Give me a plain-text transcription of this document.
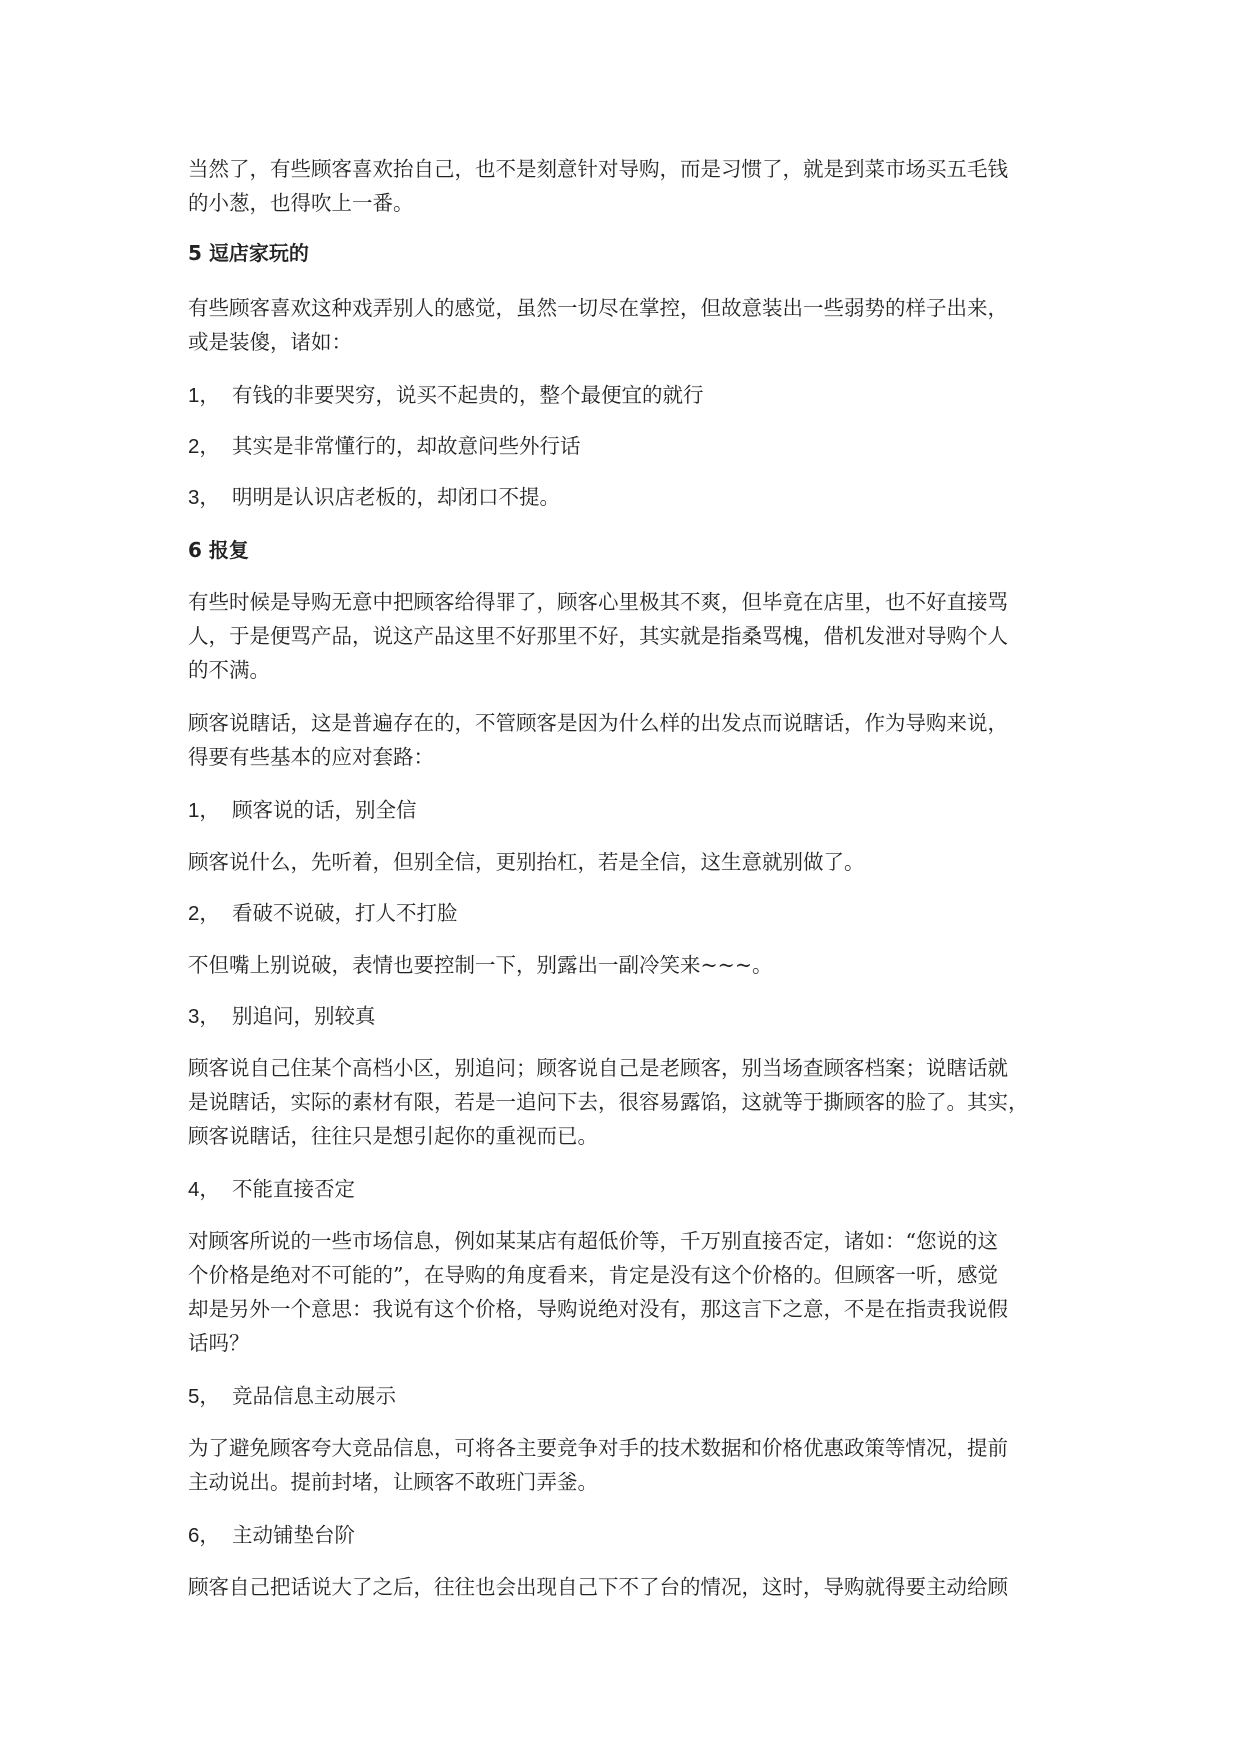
当然了，有些顾客喜欢抬自己，也不是刻意针对导购，而是习惯了，就是到菜市场买五毛钱
的小葱，也得吹上一番。
5 逗店家玩的
有些顾客喜欢这种戏弄别人的感觉，虽然一切尽在掌控，但故意装出一些弱势的样子出来，
或是装傻，诸如：
1， 有钱的非要哭穷，说买不起贵的，整个最便宜的就行
2， 其实是非常懂行的，却故意问些外行话
3， 明明是认识店老板的，却闭口不提。
6 报复
有些时候是导购无意中把顾客给得罪了，顾客心里极其不爽，但毕竟在店里，也不好直接骂
人，于是便骂产品，说这产品这里不好那里不好，其实就是指桑骂槐，借机发泄对导购个人
的不满。
顾客说瞎话，这是普遍存在的，不管顾客是因为什么样的出发点而说瞎话，作为导购来说，
得要有些基本的应对套路：
1， 顾客说的话，别全信
顾客说什么，先听着，但别全信，更别抬杠，若是全信，这生意就别做了。
2， 看破不说破，打人不打脸
不但嘴上别说破，表情也要控制一下，别露出一副冷笑来~~~。
3， 别追问，别较真
顾客说自己住某个高档小区，别追问；顾客说自己是老顾客，别当场查顾客档案；说瞎话就
是说瞎话，实际的素材有限，若是一追问下去，很容易露馅，这就等于撕顾客的脸了。其实，
顾客说瞎话，往往只是想引起你的重视而已。
4， 不能直接否定
对顾客所说的一些市场信息，例如某某店有超低价等，千万别直接否定，诸如：“您说的这
个价格是绝对不可能的”，在导购的角度看来，肯定是没有这个价格的。但顾客一听，感觉
却是另外一个意思：我说有这个价格，导购说绝对没有，那这言下之意，不是在指责我说假
话吗？
5， 竞品信息主动展示
为了避免顾客夸大竞品信息，可将各主要竞争对手的技术数据和价格优惠政策等情况，提前
主动说出。提前封堵，让顾客不敢班门弄釜。
6， 主动铺垫台阶
顾客自己把话说大了之后，往往也会出现自己下不了台的情况，这时，导购就得要主动给顾
